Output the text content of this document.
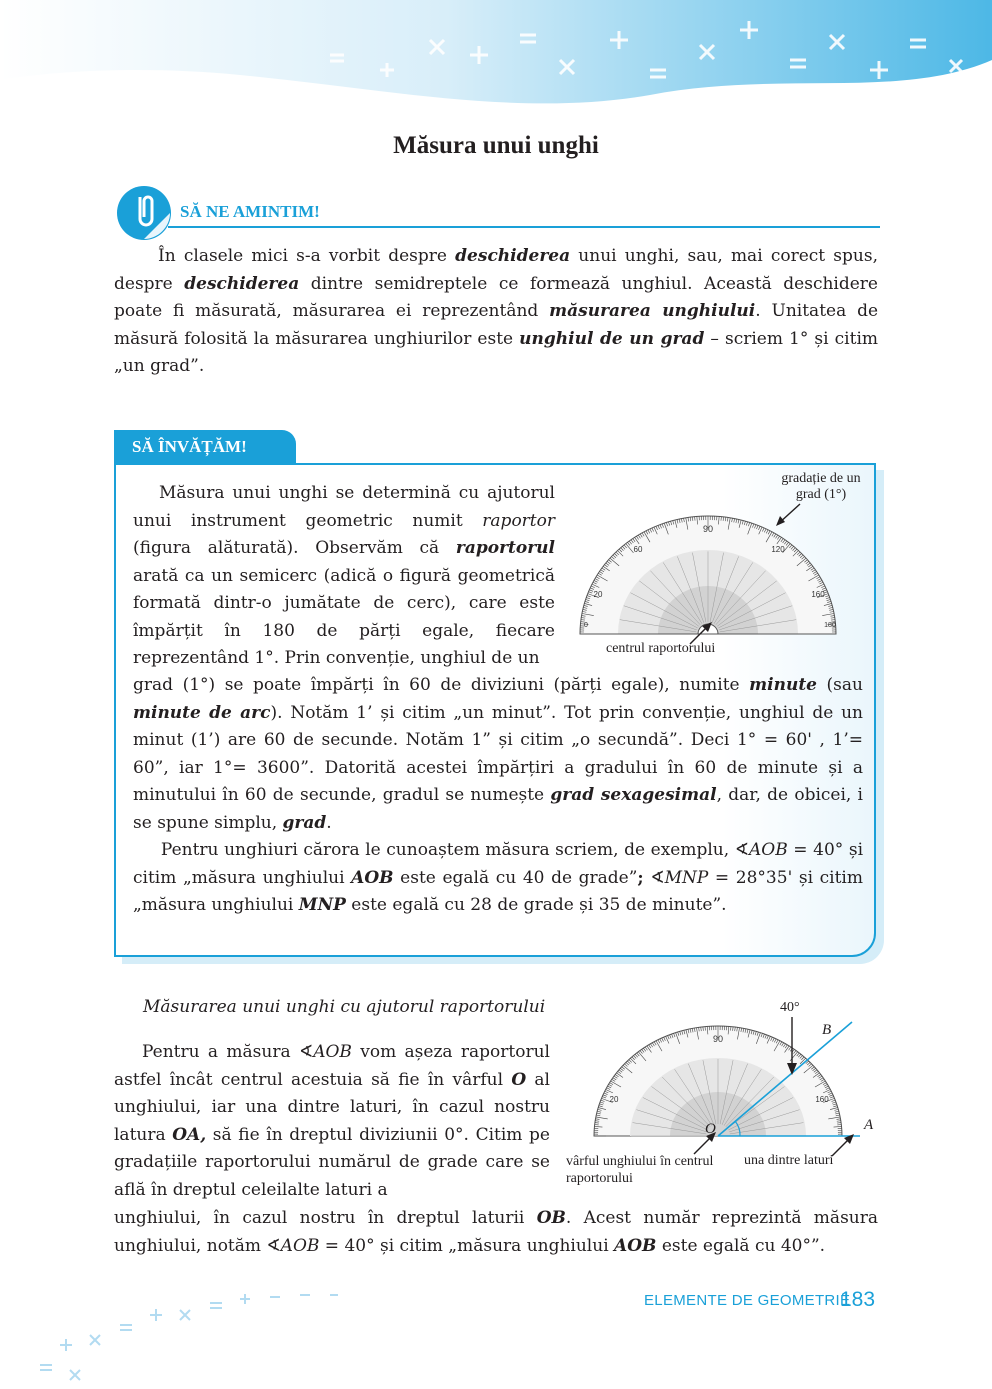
Măsura unui unghi
SĂ NE AMINTIM!
În clasele mici s-a vorbit despre deschiderea unui unghi, sau, mai corect spus, despre deschiderea dintre semidreptele ce formează unghiul. Această deschidere poate fi măsurată, măsurarea ei reprezentând măsurarea unghiului. Unitatea de măsură folosită la măsurarea unghiurilor este unghiul de un grad – scriem 1° și citim „un grad”.
SĂ ÎNVĂȚĂM!
Măsura unui unghi se determină cu ajutorul unui instrument geometric numit raportor (figura alăturată). Observăm că raportorul arată ca un semicerc (adică o figură geometrică formată dintr-o jumătate de cerc), care este împărțit în 180 de părți egale, fiecare reprezentând 1°. Prin convenție, unghiul de un
grad (1°) se poate împărți în 60 de diviziuni (părți egale), numite minute (sau minute de arc). Notăm 1’ și citim „un minut”. Tot prin convenție, unghiul de un minut (1’) are 60 de secunde. Notăm 1” și citim „o secundă”. Deci 1° = 60' , 1’= 60”, iar 1°= 3600”. Datorită acestei împărțiri a gradului în 60 de minute și a minutului în 60 de secunde, gradul se numește grad sexagesimal, dar, de obicei, i se spune simplu, grad.
Pentru unghiuri cărora le cunoaștem măsura scriem, de exemplu, ∢AOB = 40° și citim „măsura unghiului AOB este egală cu 40 de grade”; ∢MNP = 28°35' și citim „măsura unghiului MNP este egală cu 28 de grade și 35 de minute”.
90
60	120
20	160
0	180
gradație de un grad (1°)
centrul raportorului
Măsurarea unui unghi cu ajutorul raportorului
Pentru a măsura ∢AOB vom așeza raportorul astfel încât centrul acestuia să fie în vârful O al unghiului, iar una dintre laturi, în cazul nostru latura OA, să fie în dreptul diviziunii 0°. Citim pe gradațiile raportorului numărul de grade care se află în dreptul celeilalte laturi a
unghiului, în cazul nostru în dreptul laturii OB. Acest număr reprezintă măsura unghiului, notăm ∢AOB = 40° și citim „măsura unghiului AOB este egală cu 40°”.
90
20	160
40°
B
A
O
vârful unghiului în centrul raportorului
una dintre laturi
ELEMENTE DE GEOMETRIE
183
